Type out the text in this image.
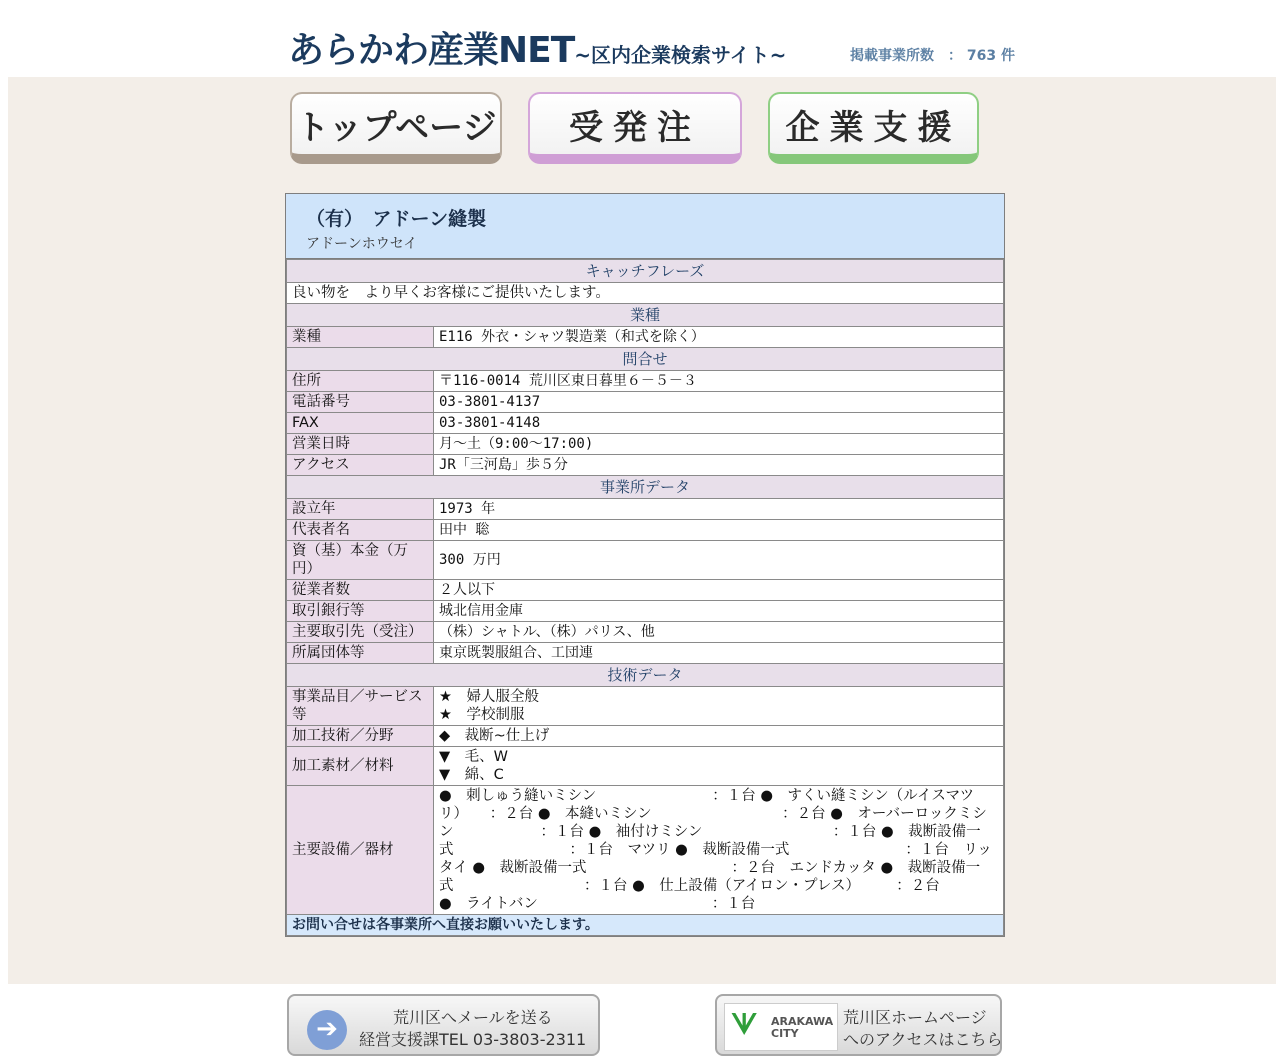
あらかわ産業NET~区内企業検索サイト~	掲載事業所数　： 763 件
トップページ	受発注	企業支援
（有）　アドーン縫製
アドーンホウセイ
キャッチフレーズ	
良い物を　より早くお客様にご提供いたします。	
業種	
業種	E116 外衣・シャツ製造業（和式を除く）
問合せ	
住所	〒116-0014 荒川区東日暮里６－５－３
電話番号	03-3801-4137
FAX	03-3801-4148
営業日時	月～土（9:00～17:00)
アクセス	JR「三河島」歩５分
事業所データ	
設立年	1973 年
代表者名	田中 聡
資（基）本金（万円）	300 万円
従業者数	２人以下
取引銀行等	城北信用金庫
主要取引先（受注）	（株）シャトル、（株）パリス、他
所属団体等	東京既製服組合、工団連
技術データ	
事業品目／サービス等	★　婦人服全般
★　学校制服

加工技術／分野	◆　裁断~仕上げ
加工素材／材料	▼　毛、W
▼　綿、C

主要設備／器材	●　刺しゅう縫いミシン　　　　　　　　：１台 ●　すくい縫ミシン（ルイスマツリ）　　：２台 ●　本縫いミシン　　　　　　　　　：２台 ●　オーバーロックミシン　　　　　　：１台 ●　袖付けミシン　　　　　　　　　：１台 ●　裁断設備一式　　　　　　　　：１台　マツリ ●　裁断設備一式　　　　　　　　：１台　リッタイ ●　裁断設備一式　　　　　　　　　　：２台　エンドカッタ ●　裁断設備一式　　　　　　　　　：１台 ●　仕上設備（アイロン・プレス）　　　：２台
●　ライトバン　　　　　　　　　　　　：１台

お問い合せは各事業所へ直接お願いいたします。	
➔	荒川区へメールを送る
経営支援課TEL 03-3803-2311	ᗐ ARAKAWA
CITY
荒川区ホームページ
へのアクセスはこちら
